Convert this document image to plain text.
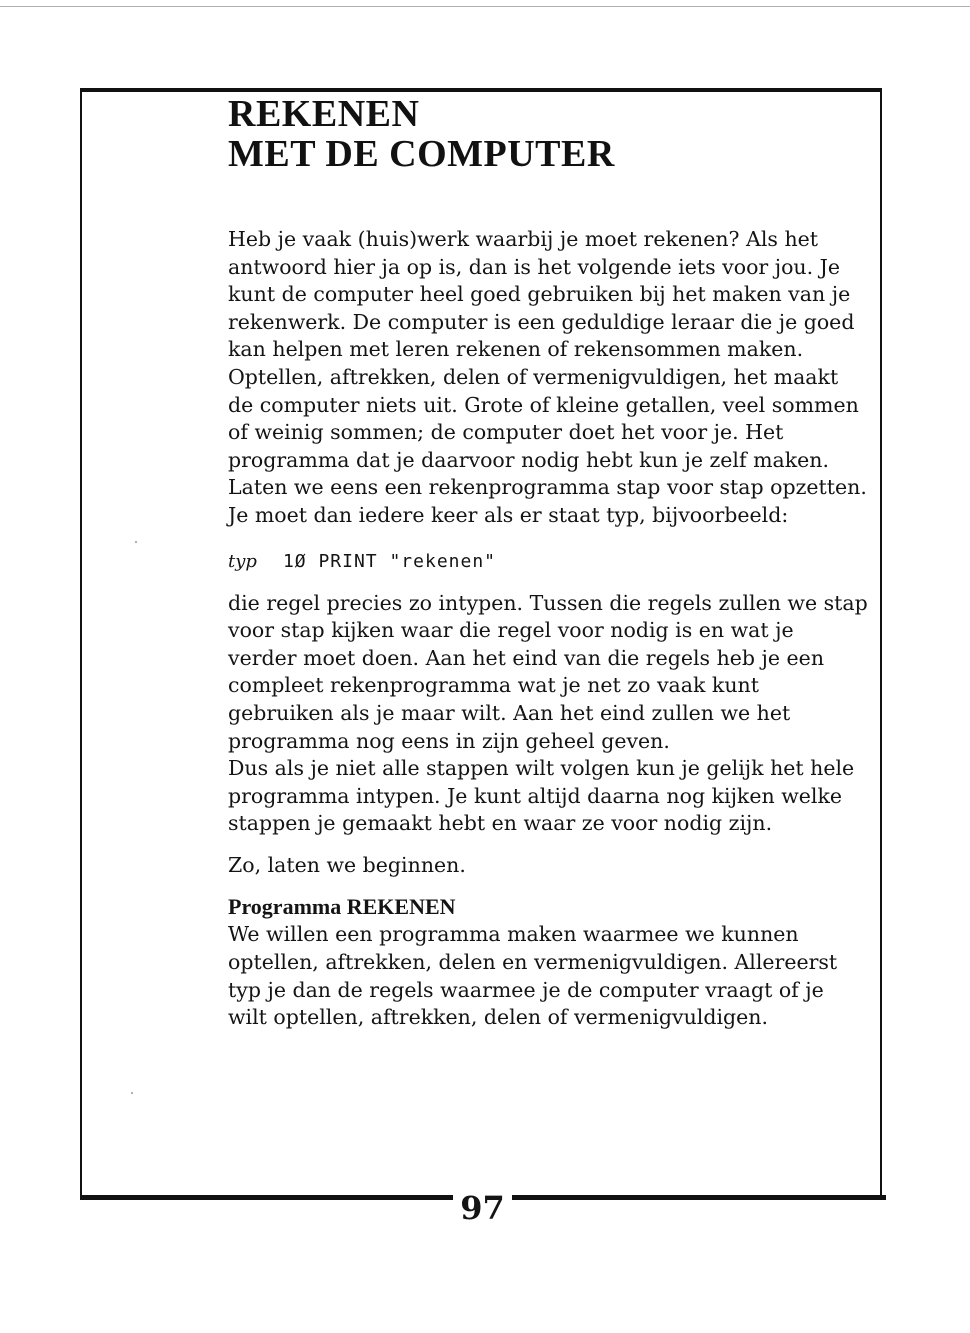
97
REKENEN
MET DE COMPUTER

Heb je vaak (huis)werk waarbij je moet rekenen? Als het antwoord hier ja op is, dan is het volgende iets voor jou. Je kunt de computer heel goed gebruiken bij het maken van je rekenwerk. De computer is een geduldige leraar die je goed kan helpen met leren rekenen of rekensommen maken. Optellen, aftrekken, delen of vermenigvuldigen, het maakt de computer niets uit. Grote of kleine getallen, veel sommen of weinig sommen; de computer doet het voor je. Het programma dat je daarvoor nodig hebt kun je zelf maken. Laten we eens een rekenprogramma stap voor stap opzetten. Je moet dan iedere keer als er staat typ, bijvoorbeeld:

typ 1Ø PRINT "rekenen"

die regel precies zo intypen. Tussen die regels zullen we stap voor stap kijken waar die regel voor nodig is en wat je verder moet doen. Aan het eind van die regels heb je een compleet rekenprogramma wat je net zo vaak kunt gebruiken als je maar wilt. Aan het eind zullen we het programma nog eens in zijn geheel geven.

Dus als je niet alle stappen wilt volgen kun je gelijk het hele programma intypen. Je kunt altijd daarna nog kijken welke stappen je gemaakt hebt en waar ze voor nodig zijn.

Zo, laten we beginnen.

Programma REKENEN

We willen een programma maken waarmee we kunnen optellen, aftrekken, delen en vermenigvuldigen. Allereerst typ je dan de regels waarmee je de computer vraagt of je wilt optellen, aftrekken, delen of vermenigvuldigen.
